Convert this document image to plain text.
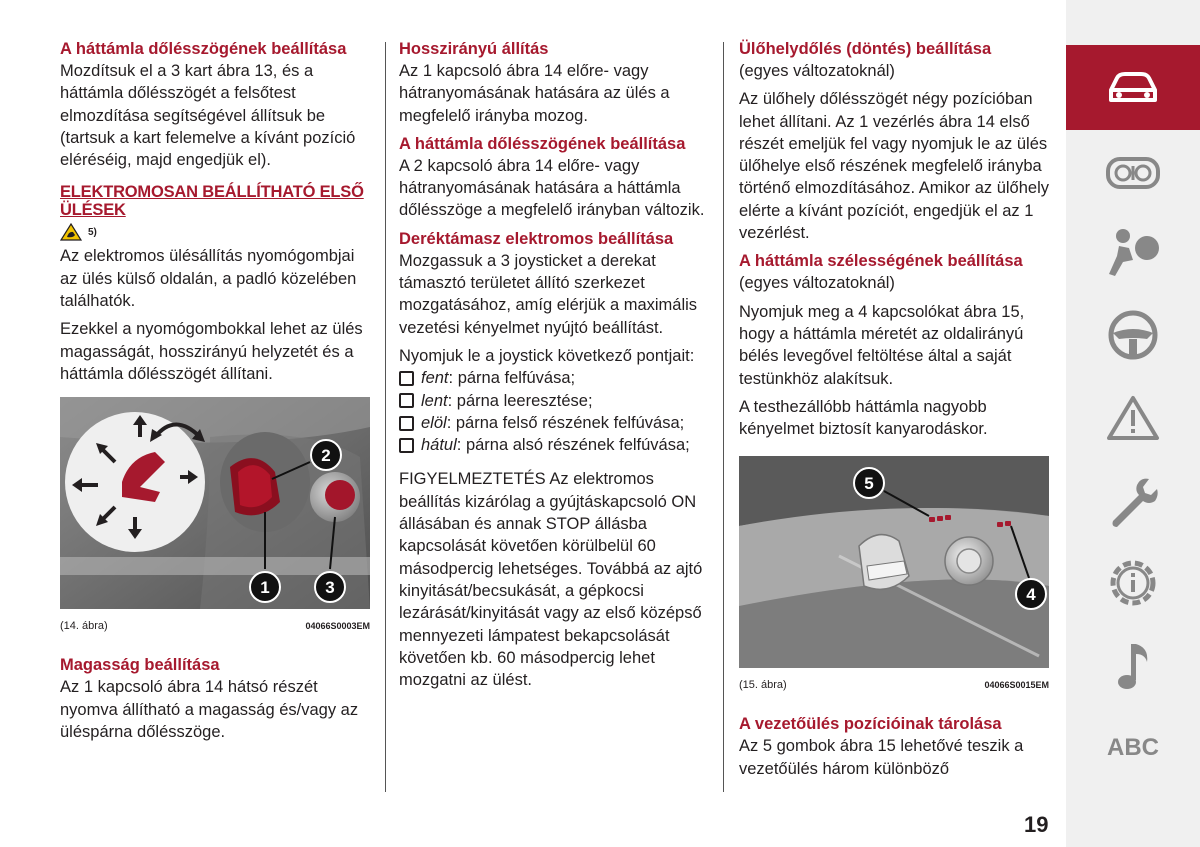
A háttámla dőlésszögének beállítása

Mozdítsuk el a 3 kart ábra 13, és a háttámla dőlésszögét a felsőtest elmozdítása segítségével állítsuk be (tartsuk a kart felemelve a kívánt pozíció eléréséig, majd engedjük el).

ELEKTROMOSAN BEÁLLÍTHATÓ ELSŐ
ÜLÉSEK

5)

Az elektromos ülésállítás nyomógombjai az ülés külső oldalán, a padló közelében találhatók.

Ezekkel a nyomógombokkal lehet az ülés magasságát, hosszirányú helyzetét és a háttámla dőlésszögét állítani.

1
2
3
(14. ábra)	04066S0003EM

Magasság beállítása

Az 1 kapcsoló ábra 14 hátsó részét nyomva állítható a magasság és/vagy az üléspárna dőlésszöge.

Hosszirányú állítás

Az 1 kapcsoló ábra 14 előre- vagy hátranyomásának hatására az ülés a megfelelő irányba mozog.

A háttámla dőlésszögének beállítása

A 2 kapcsoló ábra 14 előre- vagy hátranyomásának hatására a háttámla dőlésszöge a megfelelő irányban változik.

Deréktámasz elektromos beállítása

Mozgassuk a 3 joysticket a derekat támasztó területet állító szerkezet mozgatásához, amíg elérjük a maximális vezetési kényelmet nyújtó beállítást.

Nyomjuk le a joystick következő pontjait:

fent : párna felfúvása;
lent : párna leeresztése;
elöl : párna felső részének felfúvása;
hátul : párna alsó részének felfúvása;

FIGYELMEZTETÉS Az elektromos beállítás kizárólag a gyújtáskapcsoló ON állásában és annak STOP állásba kapcsolását követően körülbelül 60 másodpercig lehetséges. Továbbá az ajtó kinyitását/becsukását, a gépkocsi lezárását/kinyitását vagy az első középső mennyezeti lámpatest bekapcsolását követően kb. 60 másodpercig lehet mozgatni az ülést.

Ülőhelydőlés (döntés) beállítása

(egyes változatoknál)

Az ülőhely dőlésszögét négy pozícióban lehet állítani. Az 1 vezérlés ábra 14 első részét emeljük fel vagy nyomjuk le az ülés ülőhelye első részének megfelelő irányba történő elmozdításához. Amikor az ülőhely elérte a kívánt pozíciót, engedjük el az 1 vezérlést.

A háttámla szélességének beállítása

(egyes változatoknál)

Nyomjuk meg a 4 kapcsolókat ábra 15, hogy a háttámla méretét az oldalirányú bélés levegővel feltöltése által a saját testünkhöz alakítsuk.

A testhezállóbb háttámla nagyobb kényelmet biztosít kanyarodáskor.

5
4
(15. ábra)	04066S0015EM

A vezetőülés pozícióinak tárolása

Az 5 gombok ábra 15 lehetővé teszik a vezetőülés három különböző

ABC
19
